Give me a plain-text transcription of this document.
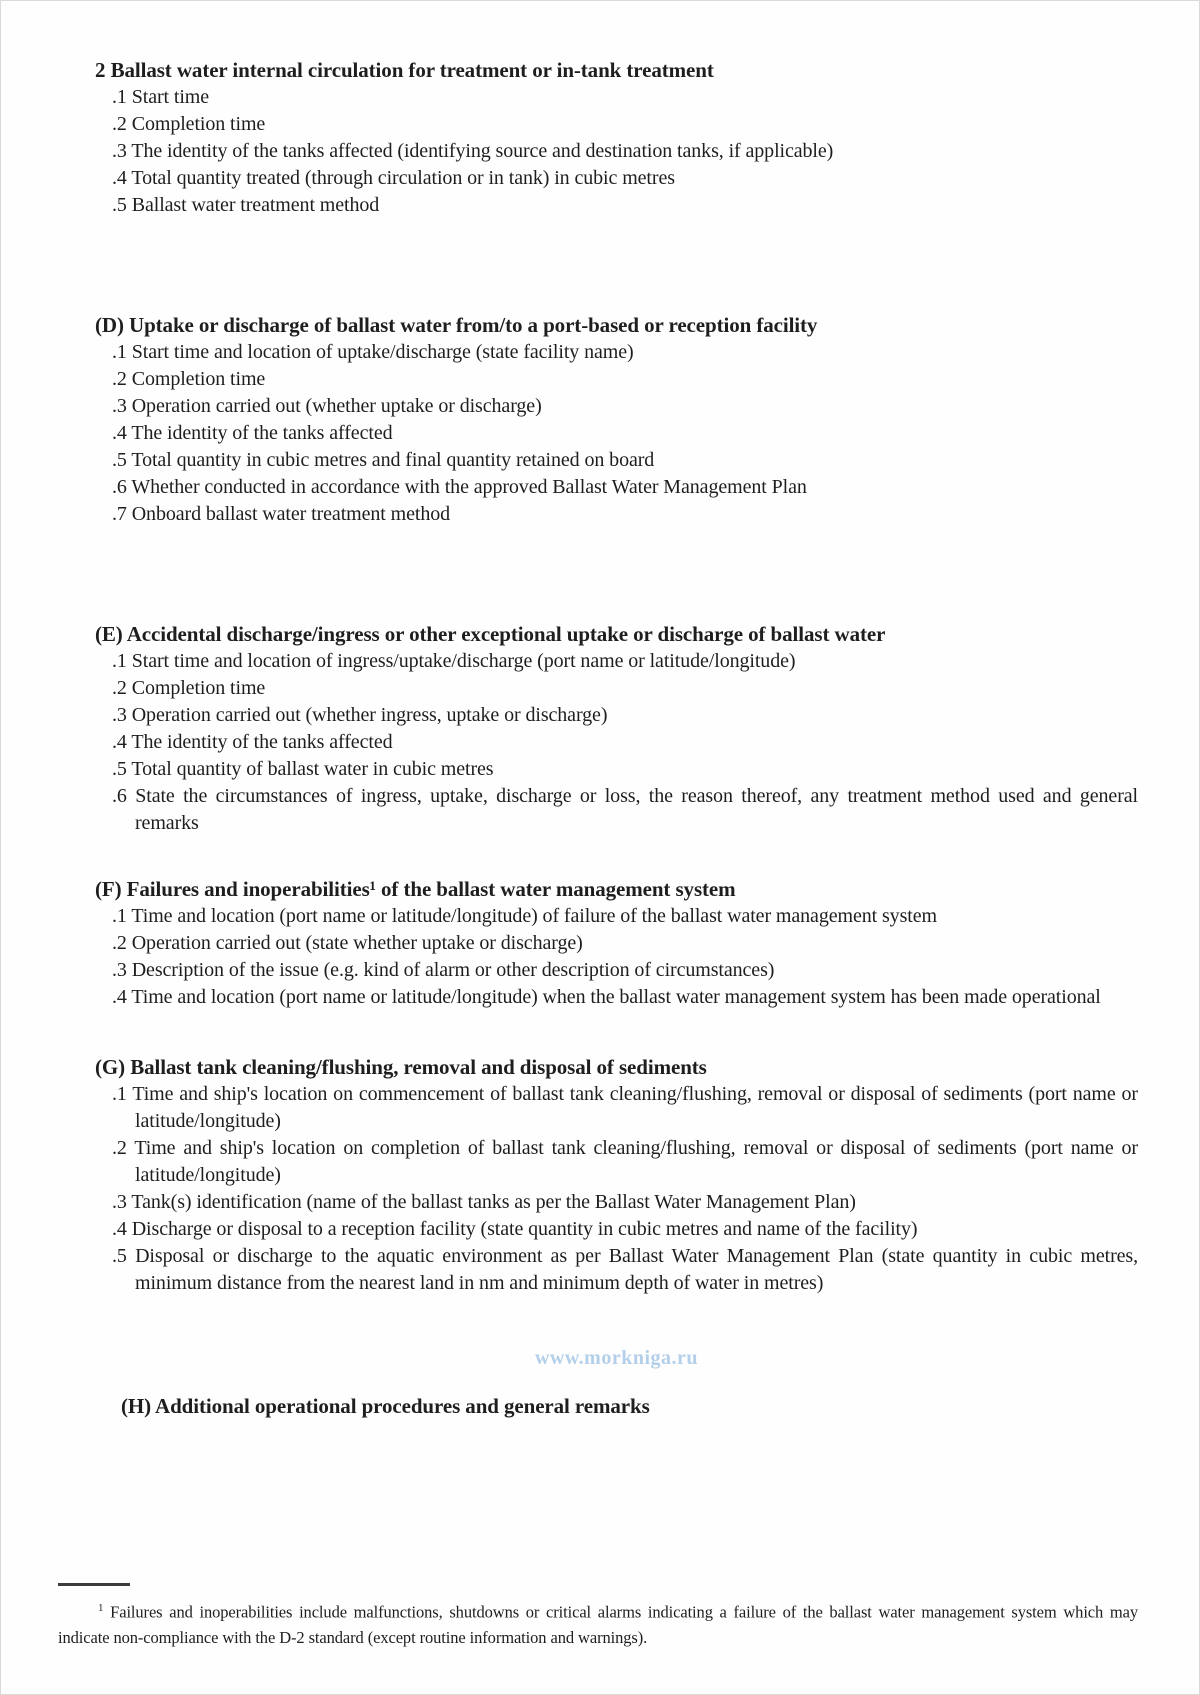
2 Ballast water internal circulation for treatment or in-tank treatment
.1 Start time
.2 Completion time
.3 The identity of the tanks affected (identifying source and destination tanks, if applicable)
.4 Total quantity treated (through circulation or in tank) in cubic metres
.5 Ballast water treatment method
(D) Uptake or discharge of ballast water from/to a port-based or reception facility
.1 Start time and location of uptake/discharge (state facility name)
.2 Completion time
.3 Operation carried out (whether uptake or discharge)
.4 The identity of the tanks affected
.5 Total quantity in cubic metres and final quantity retained on board
.6 Whether conducted in accordance with the approved Ballast Water Management Plan
.7 Onboard ballast water treatment method
(E) Accidental discharge/ingress or other exceptional uptake or discharge of ballast water
.1 Start time and location of ingress/uptake/discharge (port name or latitude/longitude)
.2 Completion time
.3 Operation carried out (whether ingress, uptake or discharge)
.4 The identity of the tanks affected
.5 Total quantity of ballast water in cubic metres
.6 State the circumstances of ingress, uptake, discharge or loss, the reason thereof, any treatment method used and general remarks
(F) Failures and inoperabilities¹ of the ballast water management system
.1 Time and location (port name or latitude/longitude) of failure of the ballast water management system
.2 Operation carried out (state whether uptake or discharge)
.3 Description of the issue (e.g. kind of alarm or other description of circumstances)
.4 Time and location (port name or latitude/longitude) when the ballast water management system has been made operational
(G) Ballast tank cleaning/flushing, removal and disposal of sediments
.1 Time and ship's location on commencement of ballast tank cleaning/flushing, removal or disposal of sediments (port name or latitude/longitude)
.2 Time and ship's location on completion of ballast tank cleaning/flushing, removal or disposal of sediments (port name or latitude/longitude)
.3 Tank(s) identification (name of the ballast tanks as per the Ballast Water Management Plan)
.4 Discharge or disposal to a reception facility (state quantity in cubic metres and name of the facility)
.5 Disposal or discharge to the aquatic environment as per Ballast Water Management Plan (state quantity in cubic metres, minimum distance from the nearest land in nm and minimum depth of water in metres)
www.morkniga.ru
(H) Additional operational procedures and general remarks

$^1$ Failures and inoperabilities include malfunctions, shutdowns or critical alarms indicating a failure of the ballast water management system which may indicate non-compliance with the D-2 standard (except routine information and warnings).
